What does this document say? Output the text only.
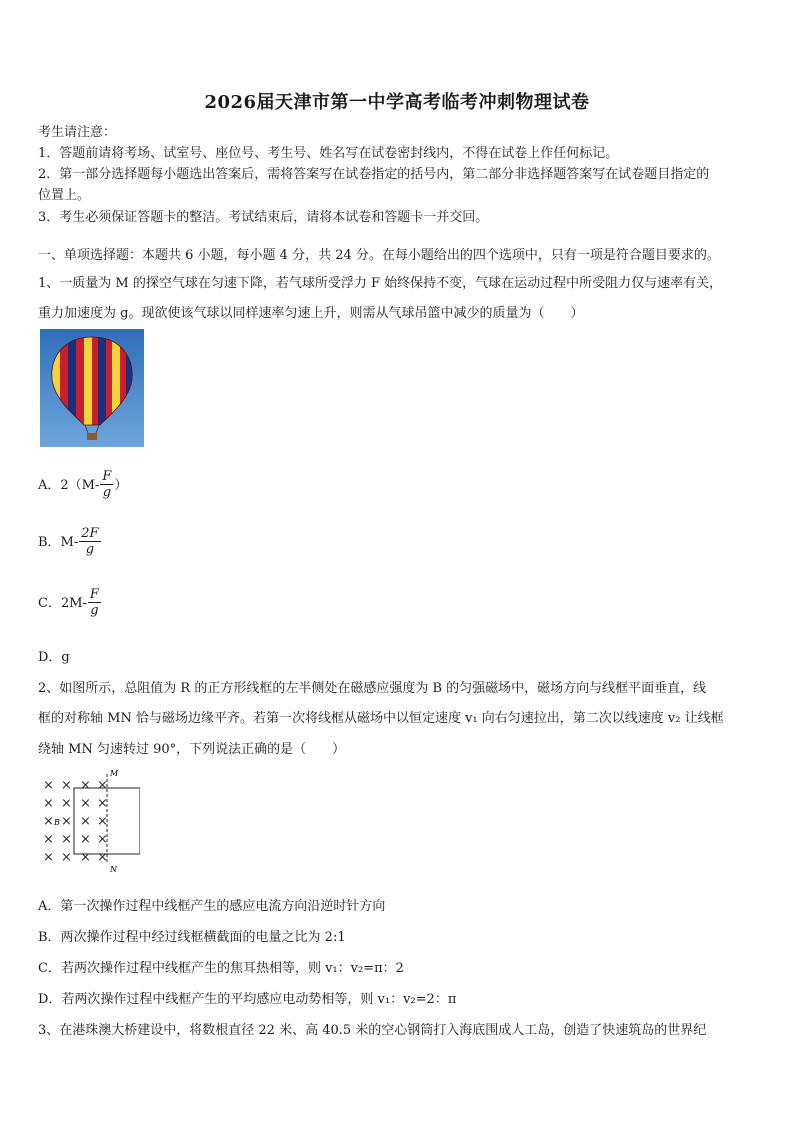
2026届天津市第一中学高考临考冲刺物理试卷
考生请注意：
1．答题前请将考场、试室号、座位号、考生号、姓名写在试卷密封线内，不得在试卷上作任何标记。
2．第一部分选择题每小题选出答案后，需将答案写在试卷指定的括号内，第二部分非选择题答案写在试卷题目指定的
位置上。
3．考生必须保证答题卡的整洁。考试结束后，请将本试卷和答题卡一并交回。
一、单项选择题：本题共 6 小题，每小题 4 分，共 24 分。在每小题给出的四个选项中，只有一项是符合题目要求的。
1、一质量为 M 的探空气球在匀速下降，若气球所受浮力 F 始终保持不变，气球在运动过程中所受阻力仅与速率有关，
重力加速度为 g。现欲使该气球以同样速率匀速上升，则需从气球吊篮中减少的质量为（　　）
A．$2(M- \frac{F}{g}$ ）
B．$M- \frac{2F}{g}$
C．$2M- \frac{F}{g}$
D．g
2、如图所示，总阻值为 R 的正方形线框的左半侧处在磁感应强度为 B 的匀强磁场中，磁场方向与线框平面垂直，线
框的对称轴 MN 恰与磁场边缘平齐。若第一次将线框从磁场中以恒定速度 v₁ 向右匀速拉出，第二次以线速度 v₂ 让线框
绕轴 MN 匀速转过 90°，下列说法正确的是（　　）
M
N
B
× × × ×
× × × ×
× × × ×
× × × ×
× × × ×
A．第一次操作过程中线框产生的感应电流方向沿逆时针方向
B．两次操作过程中经过线框横截面的电量之比为 2:1
C．若两次操作过程中线框产生的焦耳热相等，则 v₁：v₂=π：2
D．若两次操作过程中线框产生的平均感应电动势相等，则 v₁：v₂=2：π
3、在港珠澳大桥建设中，将数根直径 22 米、高 40.5 米的空心钢筒打入海底围成人工岛，创造了快速筑岛的世界纪
